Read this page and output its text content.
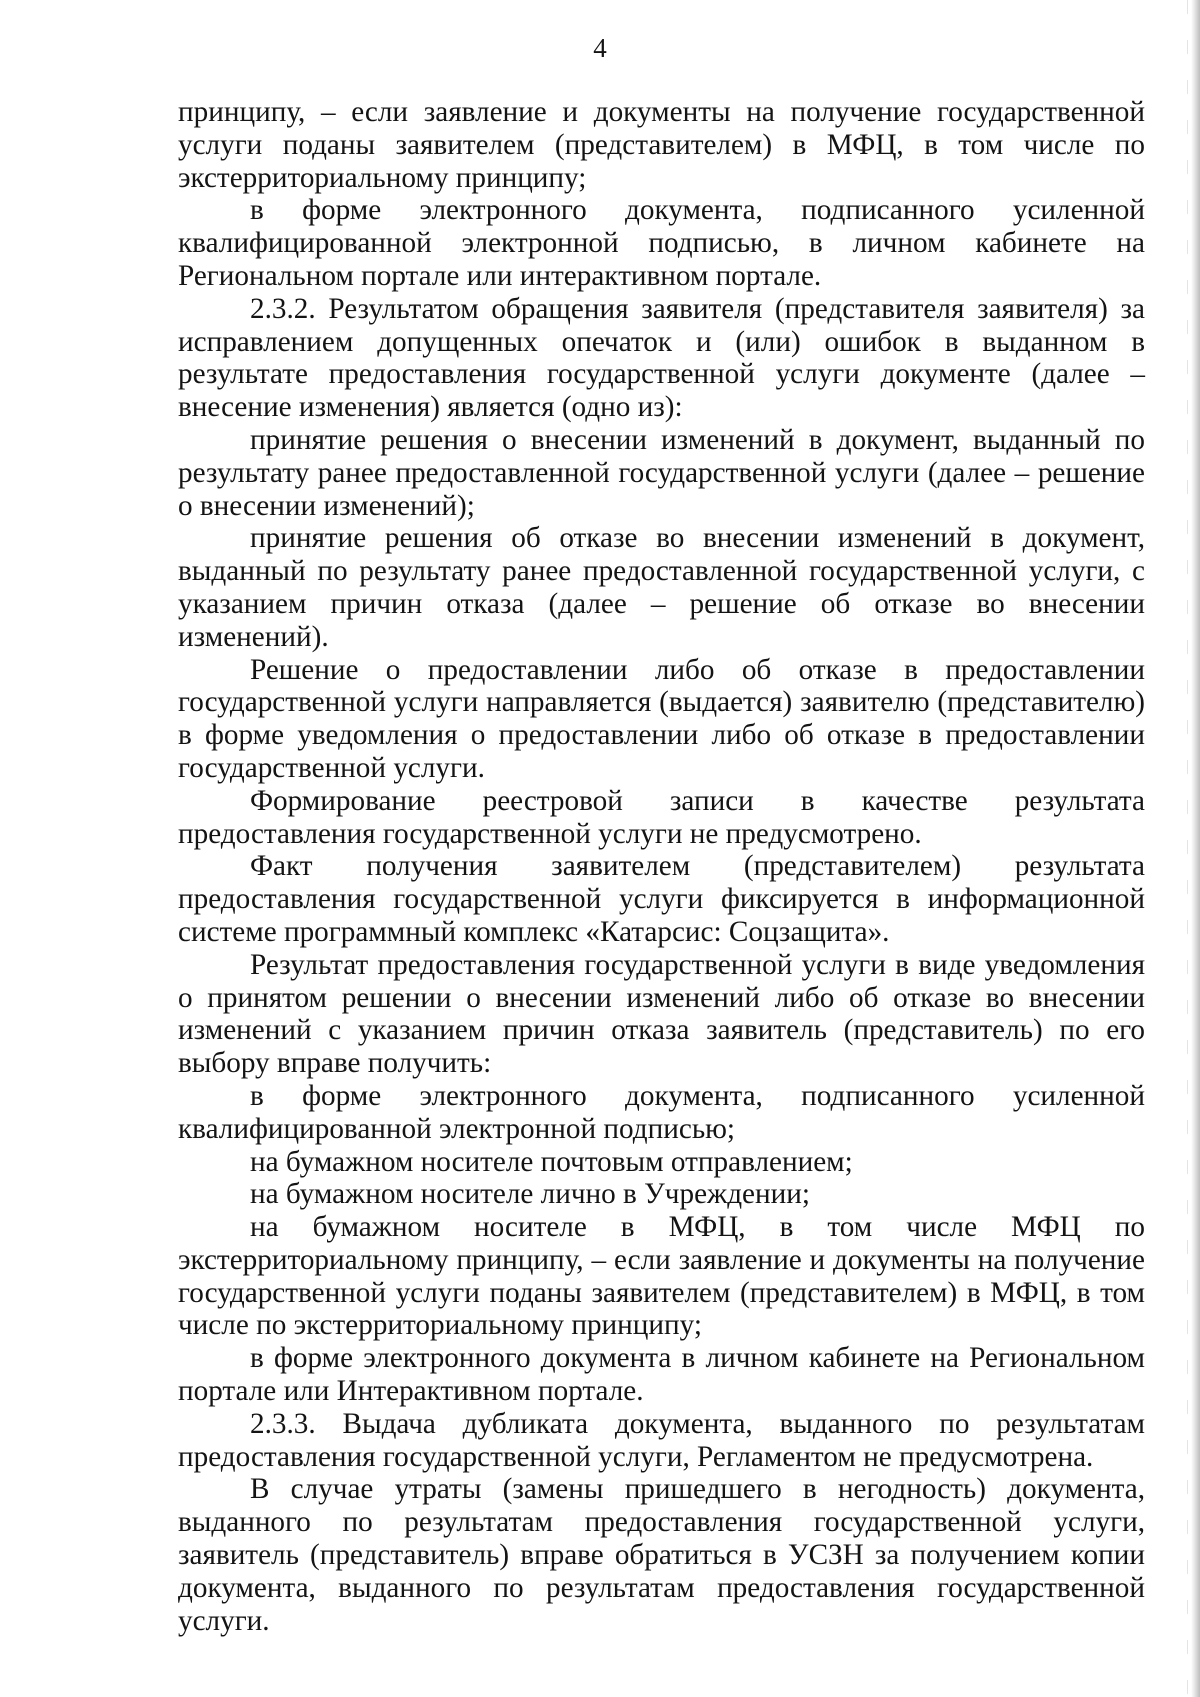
4

принципу, – если заявление и документы на получение государственной услуги поданы заявителем (представителем) в МФЦ, в том числе по экстерриториальному принципу;

в форме электронного документа, подписанного усиленной квалифицированной электронной подписью, в личном кабинете на Региональном портале или интерактивном портале.

2.3.2. Результатом обращения заявителя (представителя заявителя) за исправлением допущенных опечаток и (или) ошибок в выданном в результате предоставления государственной услуги документе (далее – внесение изменения) является (одно из):

принятие решения о внесении изменений в документ, выданный по результату ранее предоставленной государственной услуги (далее – решение о внесении изменений);

принятие решения об отказе во внесении изменений в документ, выданный по результату ранее предоставленной государственной услуги, с указанием причин отказа (далее – решение об отказе во внесении изменений).

Решение о предоставлении либо об отказе в предоставлении государственной услуги направляется (выдается) заявителю (представителю) в форме уведомления о предоставлении либо об отказе в предоставлении государственной услуги.

Формирование реестровой записи в качестве результата предоставления государственной услуги не предусмотрено.

Факт получения заявителем (представителем) результата предоставления государственной услуги фиксируется в информационной системе программный комплекс «Катарсис: Соцзащита».

Результат предоставления государственной услуги в виде уведомления о принятом решении о внесении изменений либо об отказе во внесении изменений с указанием причин отказа заявитель (представитель) по его выбору вправе получить:

в форме электронного документа, подписанного усиленной квалифицированной электронной подписью;

на бумажном носителе почтовым отправлением;

на бумажном носителе лично в Учреждении;

на бумажном носителе в МФЦ, в том числе МФЦ по экстерриториальному принципу, – если заявление и документы на получение государственной услуги поданы заявителем (представителем) в МФЦ, в том числе по экстерриториальному принципу;

в форме электронного документа в личном кабинете на Региональном портале или Интерактивном портале.

2.3.3. Выдача дубликата документа, выданного по результатам предоставления государственной услуги, Регламентом не предусмотрена.

В случае утраты (замены пришедшего в негодность) документа, выданного по результатам предоставления государственной услуги, заявитель (представитель) вправе обратиться в УСЗН за получением копии документа, выданного по результатам предоставления государственной услуги.
